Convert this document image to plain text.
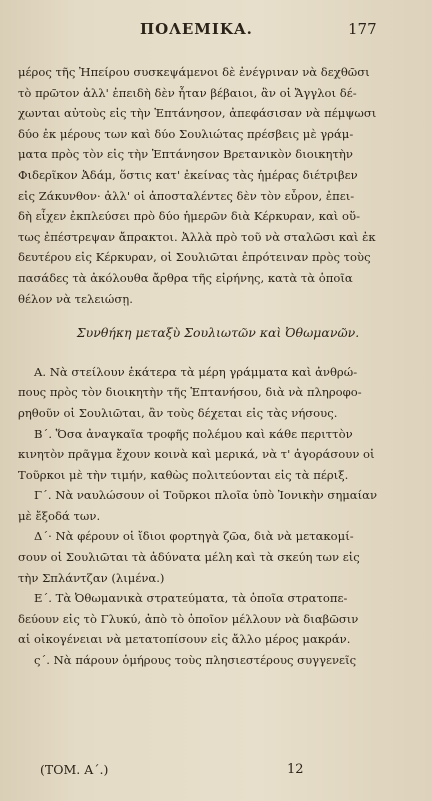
ΠΟΛΕΜΙΚΑ.	177
μέρος τῆς Ἠπείρου συσκεψάμενοι δὲ ἐνέγριναν νὰ δεχθῶσι
τὸ πρῶτον ἀλλ' ἐπειδὴ δὲν ἦταν βέβαιοι, ἂν οἱ Ἄγγλοι δέ-
χωνται αὐτοὺς εἰς τὴν Ἑπτάνησον, ἀπεφάσισαν νὰ πέμψωσι
δύο ἐκ μέρους των καὶ δύο Σουλιώτας πρέσβεις μὲ γράμ-
ματα πρὸς τὸν εἰς τὴν Ἑπτάνησον Βρετανικὸν διοικητὴν
Φιδερῖκον Ἀδάμ, ὅστις κατ' ἐκείνας τὰς ἡμέρας διέτριβεν
εἰς Ζάκυνθον· ἀλλ' οἱ ἀποσταλέντες δὲν τὸν εὗρον, ἐπει-
δὴ εἶχεν ἐκπλεύσει πρὸ δύο ἡμερῶν διὰ Κέρκυραν, καὶ οὕ-
τως ἐπέστρεψαν ἄπρακτοι. Ἀλλὰ πρὸ τοῦ νὰ σταλῶσι καὶ ἐκ
δευτέρου εἰς Κέρκυραν, οἱ Σουλιῶται ἐπρότειναν πρὸς τοὺς
πασάδες τὰ ἀκόλουθα ἄρθρα τῆς εἰρήνης, κατὰ τὰ ὁποῖα
θέλον νὰ τελειώσῃ.
Συνθήκη μεταξὺ Σουλιωτῶν καὶ Ὀθωμανῶν.
Α. Νὰ στείλουν ἑκάτερα τὰ μέρη γράμματα καὶ ἀνθρώ-
πους πρὸς τὸν διοικητὴν τῆς Ἑπτανήσου, διὰ νὰ πληροφο-
ρηθοῦν οἱ Σουλιῶται, ἂν τοὺς δέχεται εἰς τὰς νήσους.
Β΄. Ὅσα ἀναγκαῖα τροφῆς πολέμου καὶ κάθε περιττὸν
κινητὸν πρᾶγμα ἔχουν κοινὰ καὶ μερικά, νὰ τ' ἀγοράσουν οἱ
Τοῦρκοι μὲ τὴν τιμήν, καθὼς πολιτεύονται εἰς τὰ πέριξ.
Γ΄. Νὰ ναυλώσουν οἱ Τοῦρκοι πλοῖα ὑπὸ Ἰονικὴν σημαίαν
μὲ ἔξοδά των.
Δ΄· Νὰ φέρουν οἱ ἴδιοι φορτηγὰ ζῶα, διὰ νὰ μετακομί-
σουν οἱ Σουλιῶται τὰ ἀδύνατα μέλη καὶ τὰ σκεύη των εἰς
τὴν Σπλάντζαν (λιμένα.)
Ε΄. Τὰ Ὀθωμανικὰ στρατεύματα, τὰ ὁποῖα στρατοπε-
δεύουν εἰς τὸ Γλυκύ, ἀπὸ τὸ ὁποῖον μέλλουν νὰ διαβῶσιν
αἱ οἰκογένειαι νὰ μετατοπίσουν εἰς ἄλλο μέρος μακράν.
ς΄. Νὰ πάρουν ὁμήρους τοὺς πλησιεστέρους συγγενεῖς
(ΤΟΜ. Α΄.)	12
